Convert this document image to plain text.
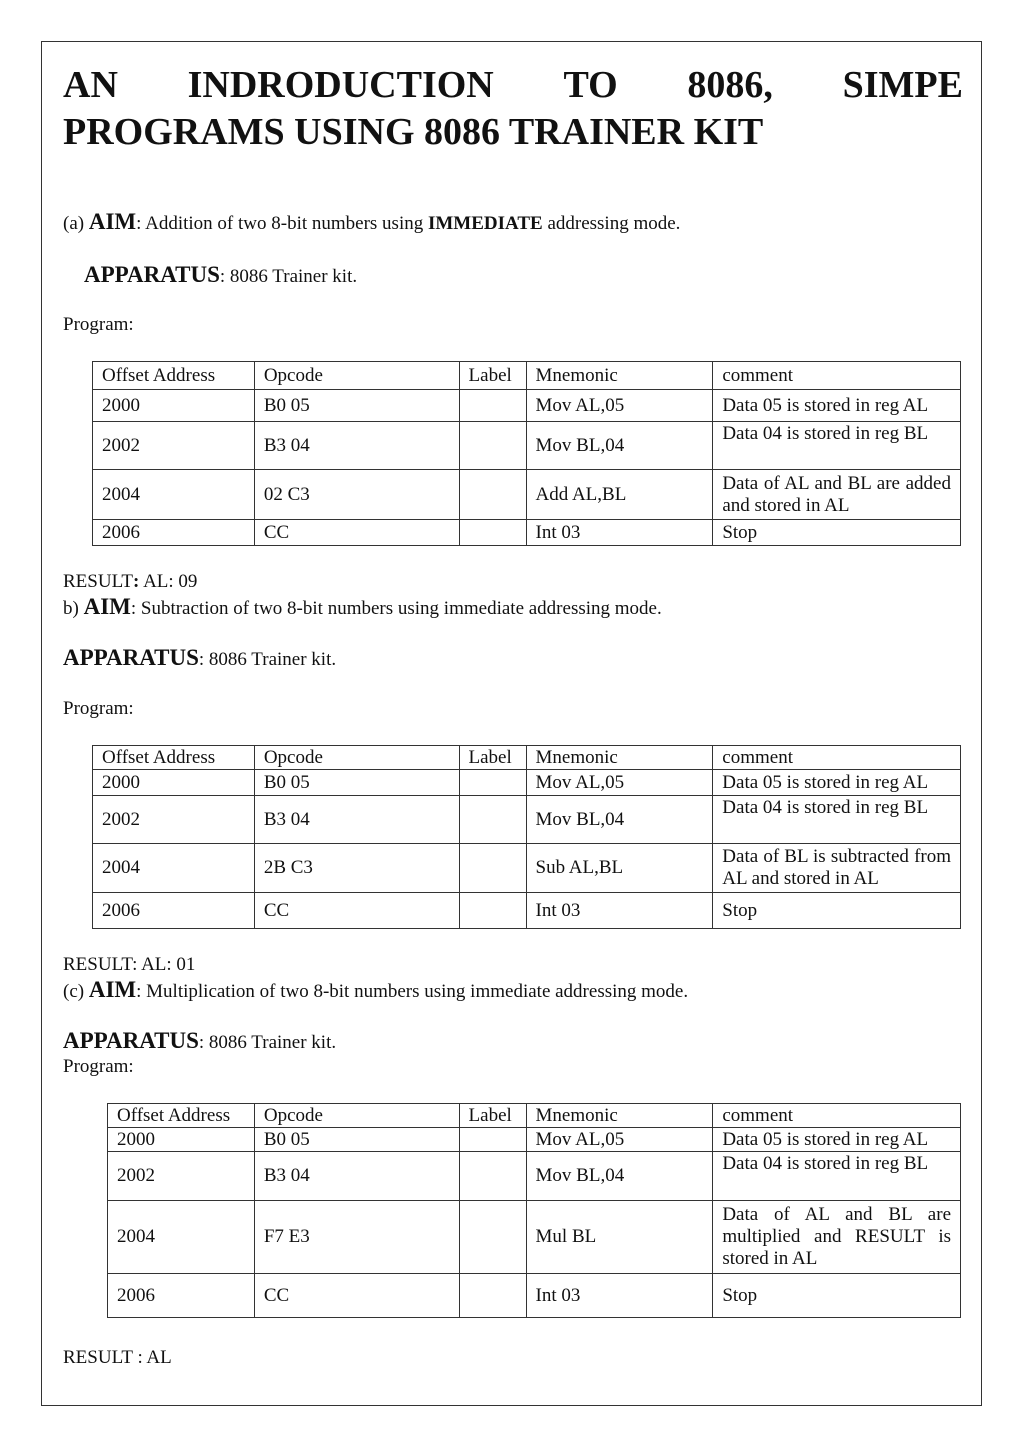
AN INDRODUCTION TO 8086, SIMPE
PROGRAMS USING 8086 TRAINER KIT
(a) AIM: Addition of two 8-bit numbers using IMMEDIATE addressing mode.
APPARATUS: 8086 Trainer kit.
Program:
Offset Address	Opcode	Label	Mnemonic	comment
2000	B0 05		Mov AL,05	Data 05 is stored in reg AL
2002	B3 04		Mov BL,04	Data 04 is stored in reg BL
2004	02 C3		Add AL,BL	Data of AL and BL are added and stored in AL
2006	CC		Int 03	Stop
RESULT: AL: 09
b) AIM: Subtraction of two 8-bit numbers using immediate addressing mode.
APPARATUS: 8086 Trainer kit.
Program:
Offset Address	Opcode	Label	Mnemonic	comment
2000	B0 05		Mov AL,05	Data 05 is stored in reg AL
2002	B3 04		Mov BL,04	Data 04 is stored in reg BL
2004	2B C3		Sub AL,BL	Data of BL is subtracted from AL and stored in AL
2006	CC		Int 03	Stop
RESULT: AL: 01
(c) AIM: Multiplication of two 8-bit numbers using immediate addressing mode.
APPARATUS: 8086 Trainer kit.
Program:
Offset Address	Opcode	Label	Mnemonic	comment
2000	B0 05		Mov AL,05	Data 05 is stored in reg AL
2002	B3 04		Mov BL,04	Data 04 is stored in reg BL
2004	F7 E3		Mul BL	Data of AL and BL are multiplied and RESULT is stored in AL
2006	CC		Int 03	Stop
RESULT : AL
